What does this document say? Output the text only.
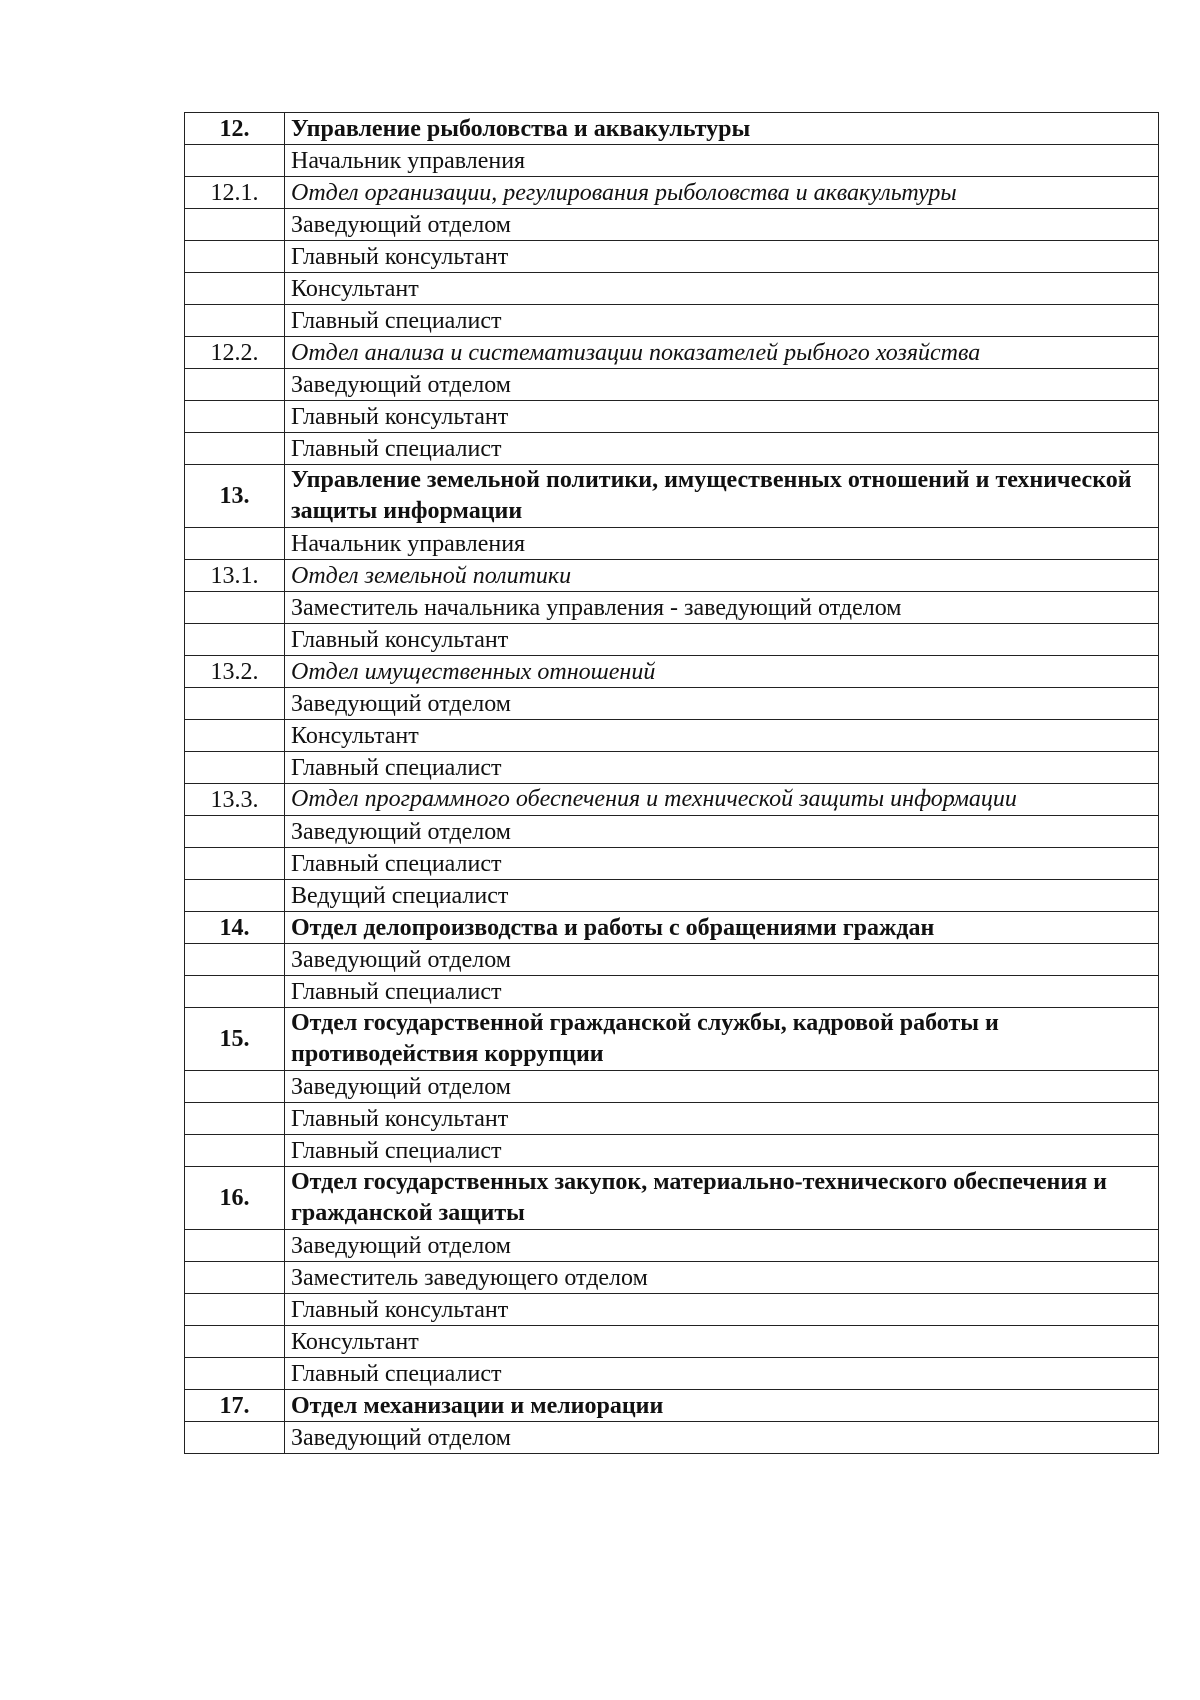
12.	Управление рыболовства и аквакультуры
	Начальник управления
12.1.	Отдел организации, регулирования рыболовства и аквакультуры
	Заведующий отделом
	Главный консультант
	Консультант
	Главный специалист
12.2.	Отдел анализа и систематизации показателей рыбного хозяйства
	Заведующий отделом
	Главный консультант
	Главный специалист
13.	Управление земельной политики, имущественных отношений и технической защиты информации
	Начальник управления
13.1.	Отдел земельной политики
	Заместитель начальника управления - заведующий отделом
	Главный консультант
13.2.	Отдел имущественных отношений
	Заведующий отделом
	Консультант
	Главный специалист
13.3.	Отдел программного обеспечения и технической защиты информации
	Заведующий отделом
	Главный специалист
	Ведущий специалист
14.	Отдел делопроизводства и работы с обращениями граждан
	Заведующий отделом
	Главный специалист
15.	Отдел государственной гражданской службы, кадровой работы и противодействия коррупции
	Заведующий отделом
	Главный консультант
	Главный специалист
16.	Отдел государственных закупок, материально-технического обеспечения и гражданской защиты
	Заведующий отделом
	Заместитель заведующего отделом
	Главный консультант
	Консультант
	Главный специалист
17.	Отдел механизации и мелиорации
	Заведующий отделом
